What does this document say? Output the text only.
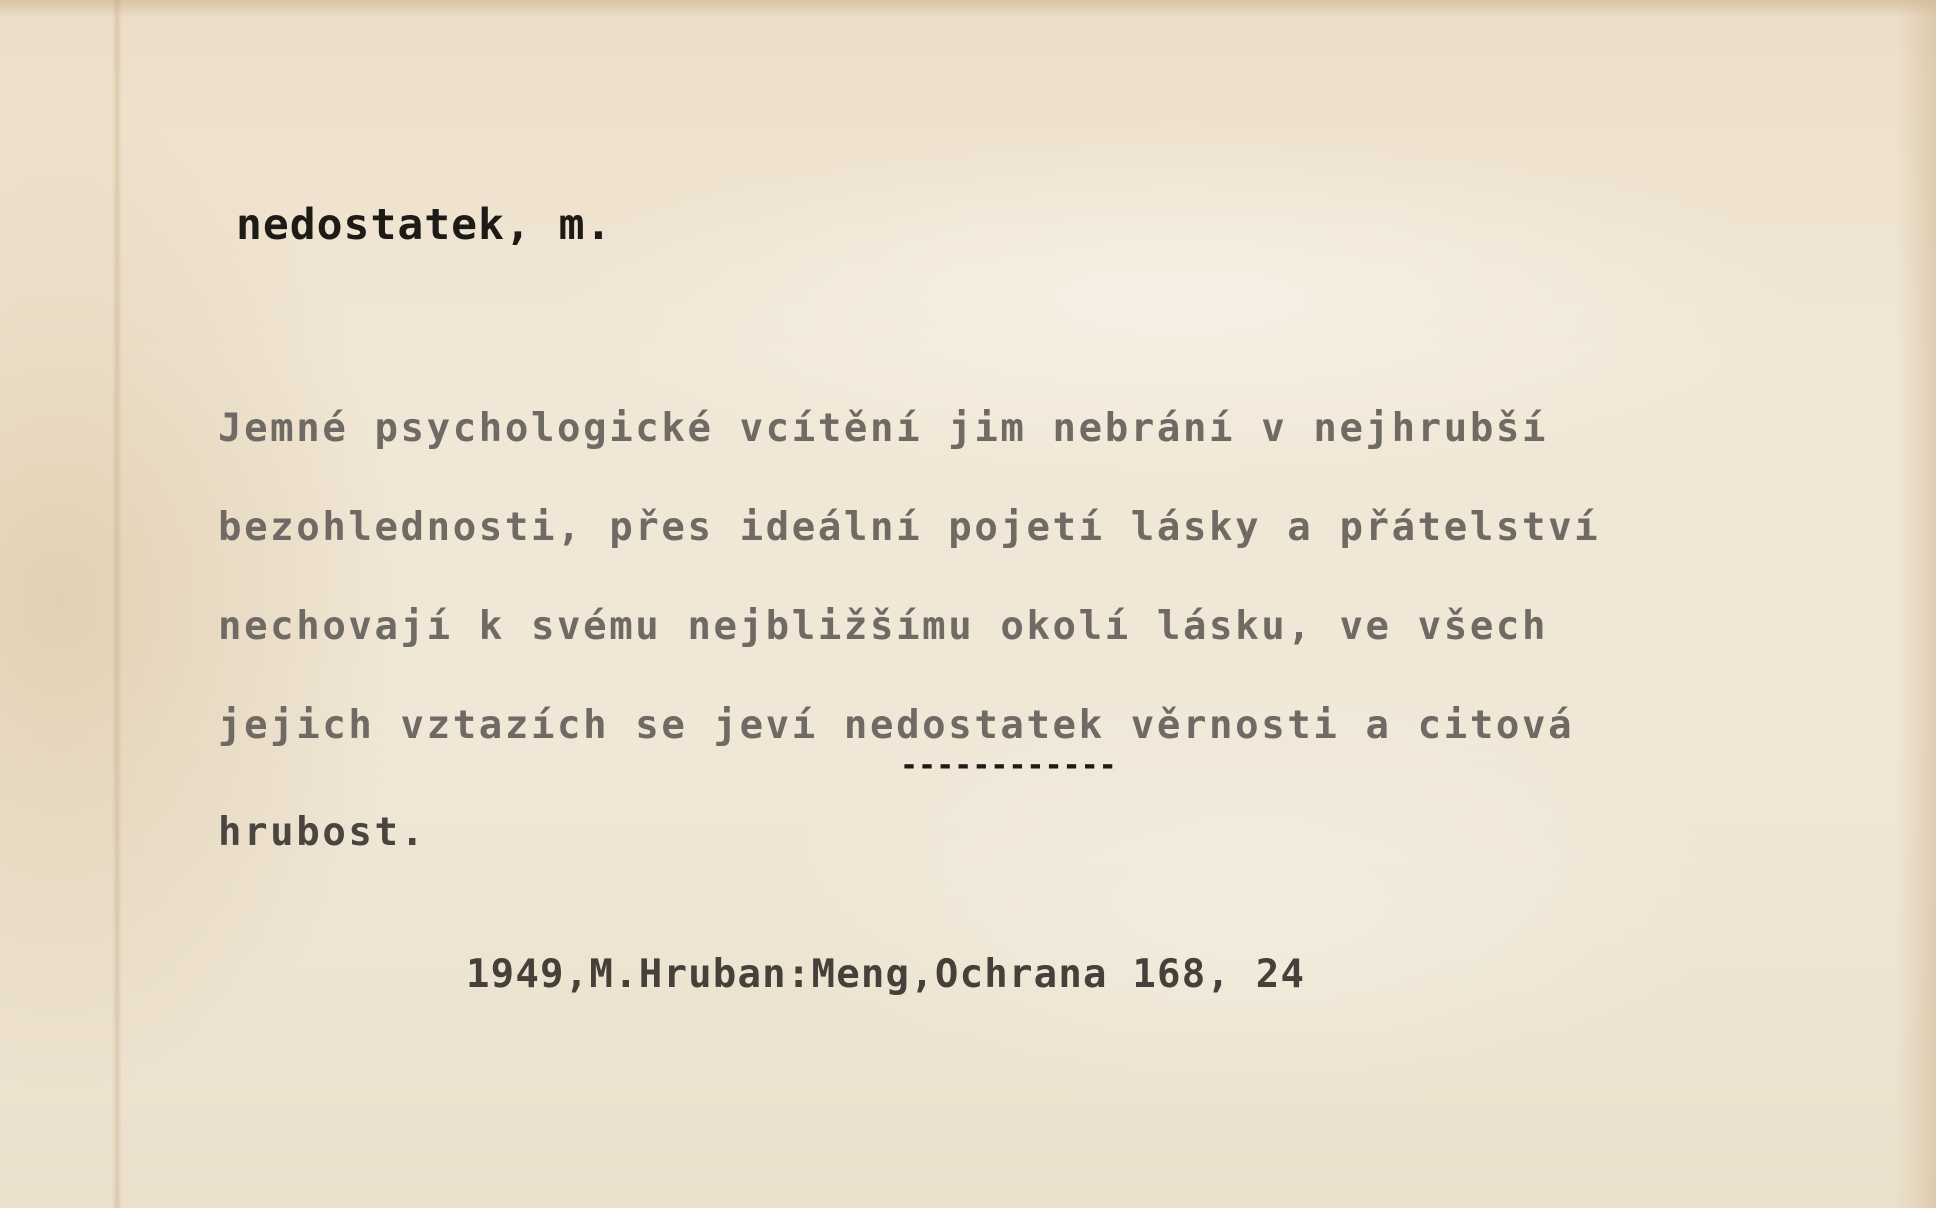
nedostatek, m.

Jemné psychologické vcítění jim nebrání v nejhrubší

bezohlednosti, přes ideální pojetí lásky a přátelství

nechovají k svému nejbližšímu okolí lásku, ve všech

jejich vztazích se jeví nedostatek věrnosti a citová

------------

hrubost.

1949,M.Hruban:Meng,Ochrana 168, 24
